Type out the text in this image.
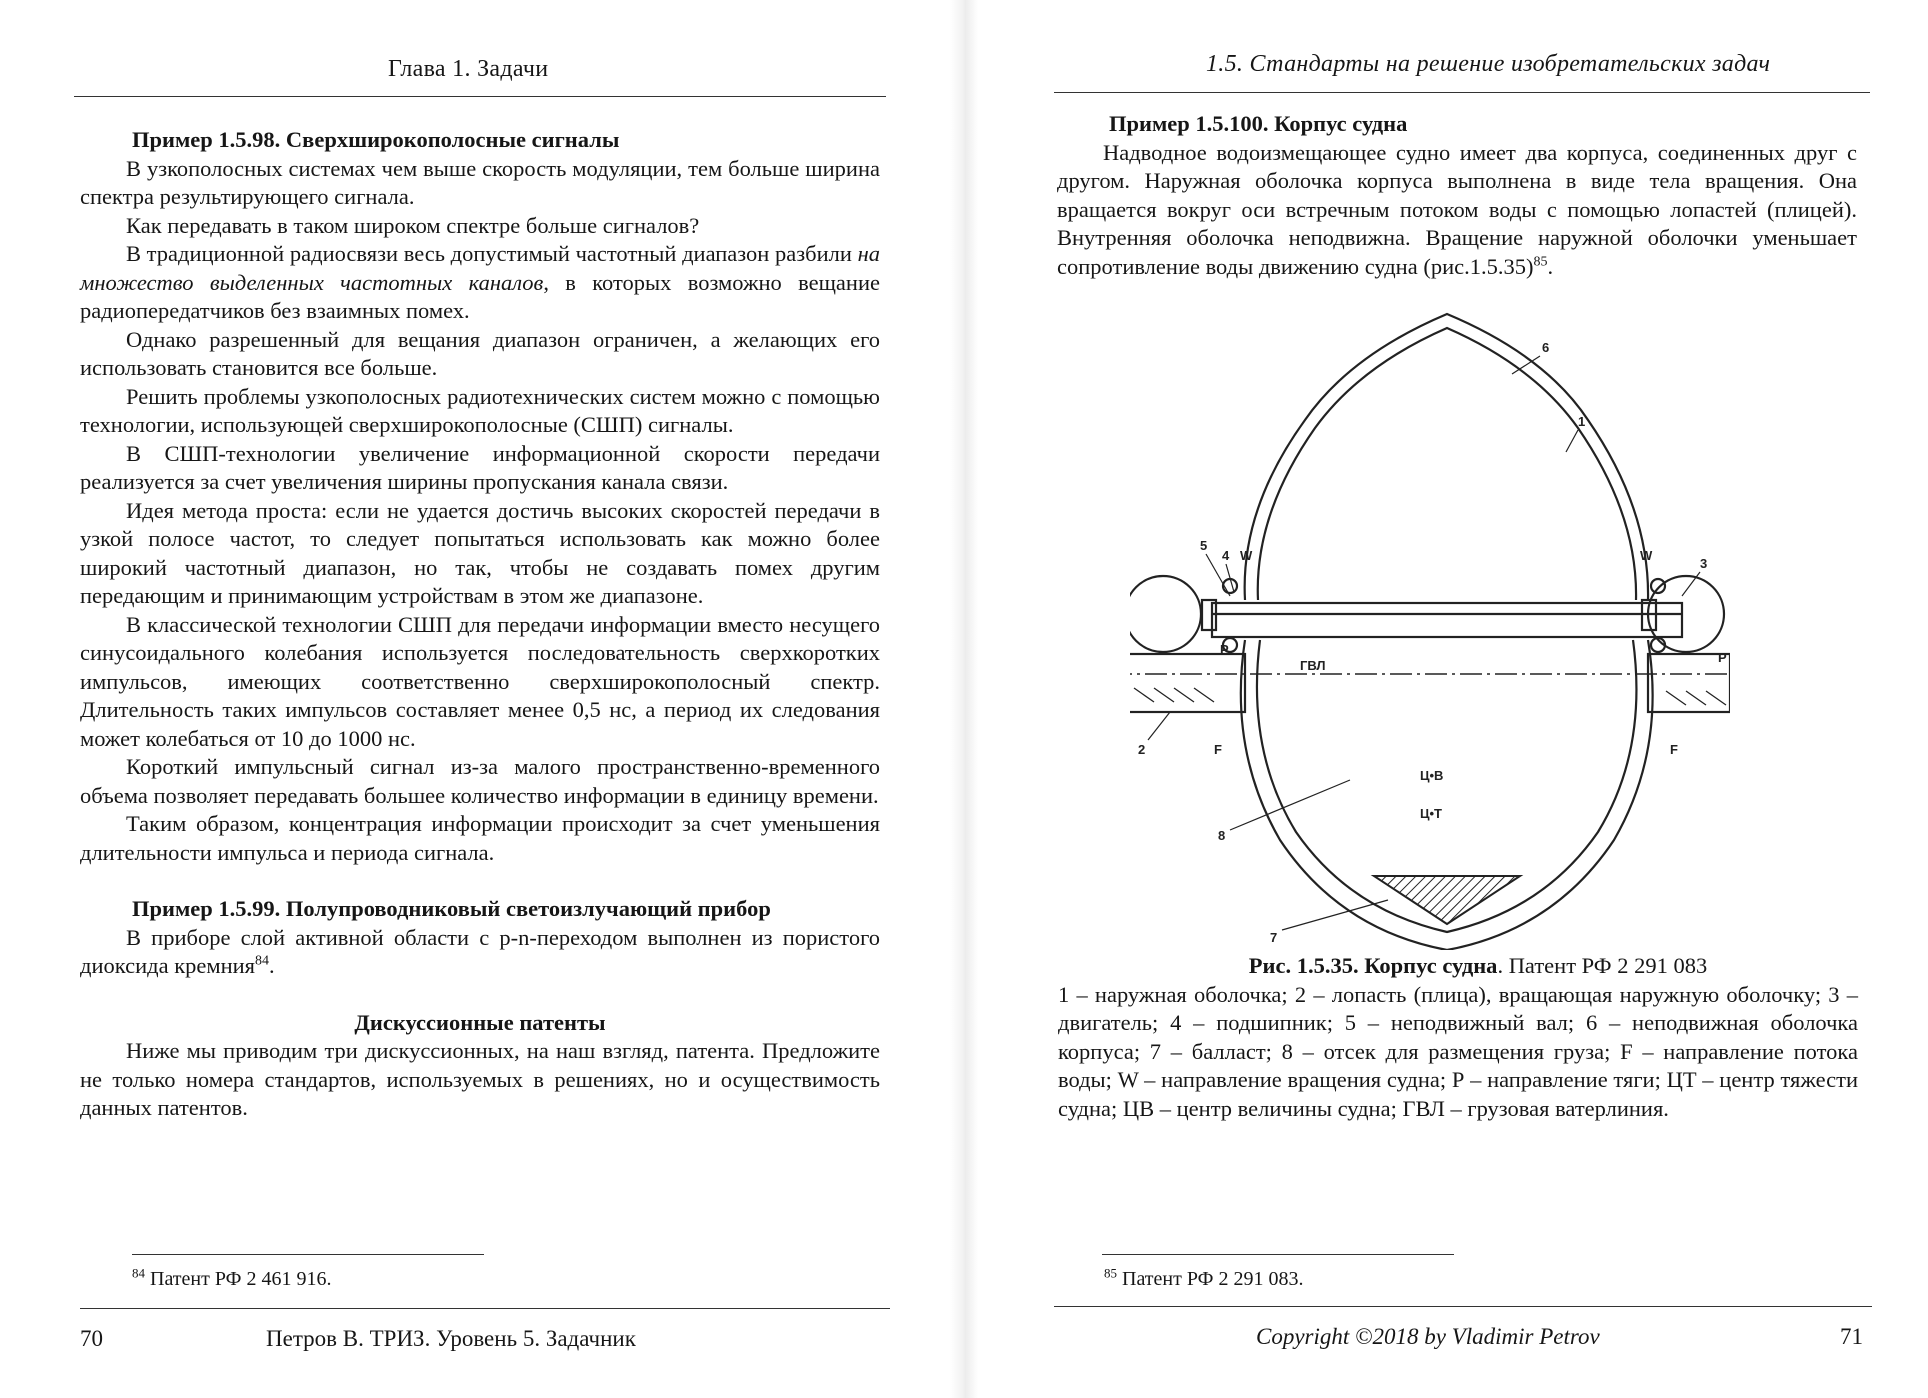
Глава 1. Задачи
Пример 1.5.98. Сверхширокополосные сигналы

В узкополосных системах чем выше скорость модуляции, тем больше ширина спектра результирующего сигнала.

Как передавать в таком широком спектре больше сигналов?

В традиционной радиосвязи весь допустимый частотный диапазон разбили на множество выделенных частотных каналов, в которых возможно вещание радиопередатчиков без взаимных помех.

Однако разрешенный для вещания диапазон ограничен, а желающих его использовать становится все больше.

Решить проблемы узкополосных радиотехнических систем можно с помощью технологии, использующей сверхширокополосные (СШП) сигналы.

В СШП-технологии увеличение информационной скорости передачи реализуется за счет увеличения ширины пропускания канала связи.

Идея метода проста: если не удается достичь высоких скоростей передачи в узкой полосе частот, то следует попытаться использовать как можно более широкий частотный диапазон, но так, чтобы не создавать помех другим передающим и принимающим устройствам в этом же диапазоне.

В классической технологии СШП для передачи информации вместо несущего синусоидального колебания используется последовательность сверхкоротких импульсов, имеющих соответственно сверхширокополосный спектр. Длительность таких импульсов составляет менее 0,5 нс, а период их следования может колебаться от 10 до 1000 нс.

Короткий импульсный сигнал из-за малого пространственно-временного объема позволяет передавать большее количество информации в единицу времени.

Таким образом, концентрация информации происходит за счет уменьшения длительности импульса и периода сигнала.

Пример 1.5.99. Полупроводниковый светоизлучающий прибор

В приборе слой активной области с p-n-переходом выполнен из пористого диоксида кремния$^{84}$.

Дискуссионные патенты

Ниже мы приводим три дискуссионных, на наш взгляд, патента. Предложите не только номера стандартов, используемых в решениях, но и осуществимость данных патентов.

$^{84}$ Патент РФ 2 461 916.
70	Петров В. ТРИЗ. Уровень 5. Задачник
1.5. Стандарты на решение изобретательских задач
Пример 1.5.100. Корпус судна

Надводное водоизмещающее судно имеет два корпуса, соединенных друг с другом. Наружная оболочка корпуса выполнена в виде тела вращения. Она вращается вокруг оси встречным потоком воды с помощью лопастей (плицей). Внутренняя оболочка неподвижна. Вращение наружной оболочки уменьшает сопротивление воды движению судна $(рис.1.5.35)^{85}$.

$^{85}$ Патент РФ 2 291 083.
Copyright ©2018 by Vladimir Petrov	71
6
1
5
4 W	W
3
P
P
ГВЛ
2	F	F
Ц•В
Ц•Т
8
7
Рис. 1.5.35. Корпус судна. Патент РФ 2 291 083
1 – наружная оболочка; 2 – лопасть (плица), вращающая наружную оболочку; 3 – двигатель; 4 – подшипник; 5 – неподвижный вал; 6 – неподвижная оболочка корпуса; 7 – балласт; 8 – отсек для размещения груза; F – направление потока воды; W – направление вращения судна; Р – направление тяги; ЦТ – центр тяжести судна; ЦВ – центр величины судна; ГВЛ – грузовая ватерлиния.
